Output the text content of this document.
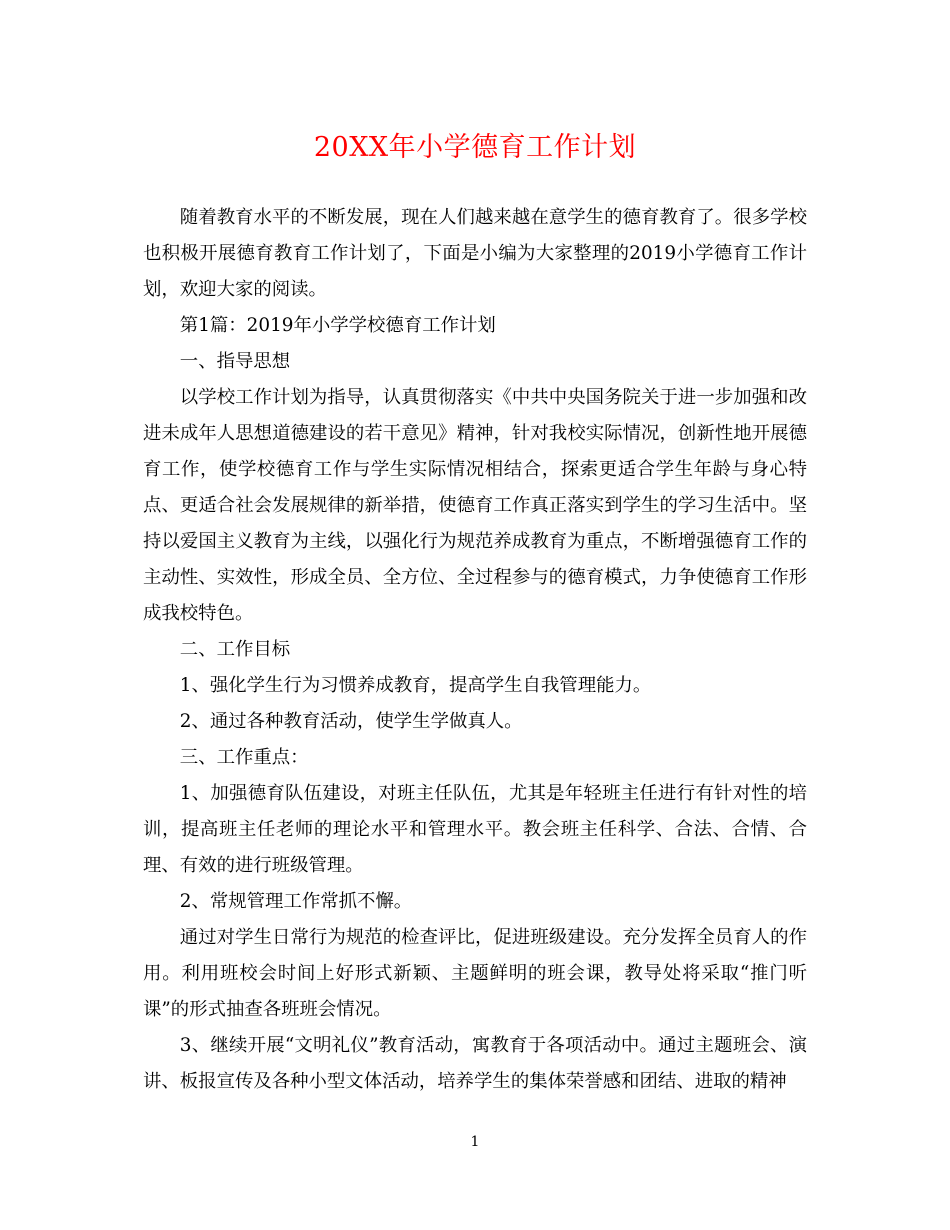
20XX年小学德育工作计划

随着教育水平的不断发展，现在人们越来越在意学生的德育教育了。很多学校也积极开展德育教育工作计划了，下面是小编为大家整理的2019小学德育工作计划，欢迎大家的阅读。

第1篇：2019年小学学校德育工作计划

一、指导思想

以学校工作计划为指导，认真贯彻落实《中共中央国务院关于进一步加强和改进未成年人思想道德建设的若干意见》精神，针对我校实际情况，创新性地开展德育工作，使学校德育工作与学生实际情况相结合，探索更适合学生年龄与身心特点、更适合社会发展规律的新举措，使德育工作真正落实到学生的学习生活中。坚持以爱国主义教育为主线，以强化行为规范养成教育为重点，不断增强德育工作的主动性、实效性，形成全员、全方位、全过程参与的德育模式，力争使德育工作形成我校特色。

二、工作目标

1、强化学生行为习惯养成教育，提高学生自我管理能力。

2、通过各种教育活动，使学生学做真人。

三、工作重点：

1、加强德育队伍建设，对班主任队伍，尤其是年轻班主任进行有针对性的培训，提高班主任老师的理论水平和管理水平。教会班主任科学、合法、合情、合理、有效的进行班级管理。

2、常规管理工作常抓不懈。

通过对学生日常行为规范的检查评比，促进班级建设。充分发挥全员育人的作用。利用班校会时间上好形式新颖、主题鲜明的班会课，教导处将采取“推门听课”的形式抽查各班班会情况。

3、继续开展“文明礼仪”教育活动，寓教育于各项活动中。通过主题班会、演讲、板报宣传及各种小型文体活动，培养学生的集体荣誉感和团结、进取的精神

1
